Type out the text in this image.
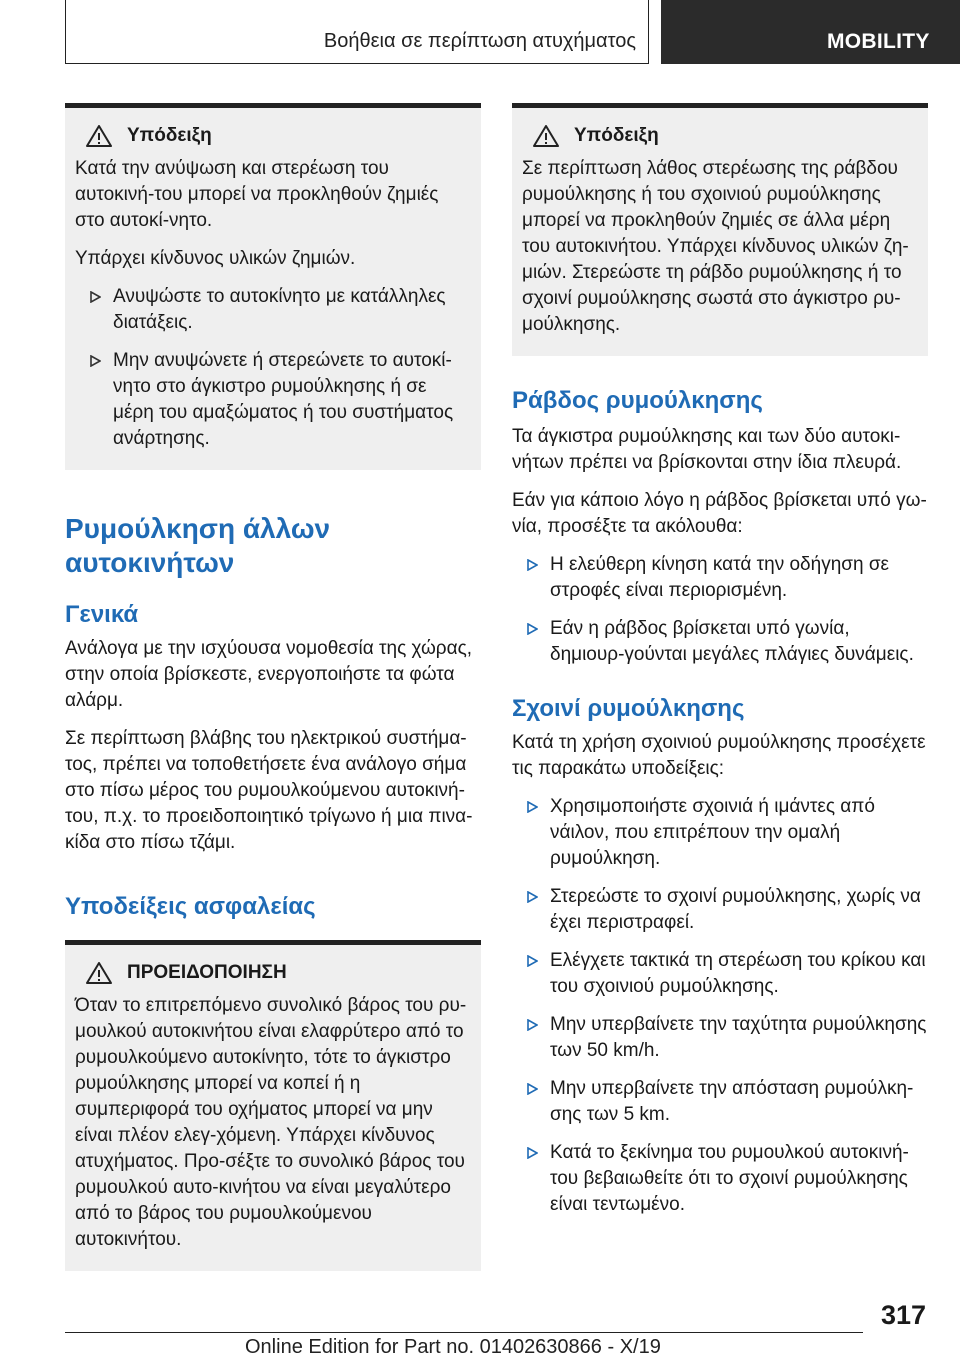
Βοήθεια σε περίπτωση ατυχήματος	MOBILITY
Υπόδειξη

Κατά την ανύψωση και στερέωση του αυτοκινή-του μπορεί να προκληθούν ζημιές στο αυτοκί-νητο.

Υπάρχει κίνδυνος υλικών ζημιών.

Ανυψώστε το αυτοκίνητο με κατάλληλες διατάξεις.
Μην ανυψώνετε ή στερεώνετε το αυτοκί-νητο στο άγκιστρο ρυμούλκησης ή σε μέρη του αμαξώματος ή του συστήματος ανάρτησης.
Ρυμούλκηση άλλων αυτοκινήτων
Γενικά

Ανάλογα με την ισχύουσα νομοθεσία της χώρας, στην οποία βρίσκεστε, ενεργοποιήστε τα φώτα αλάρμ.

Σε περίπτωση βλάβης του ηλεκτρικού συστήμα-τος, πρέπει να τοποθετήσετε ένα ανάλογο σήμα στο πίσω μέρος του ρυμουλκούμενου αυτοκινή-του, π.χ. το προειδοποιητικό τρίγωνο ή μια πινα-κίδα στο πίσω τζάμι.

Υποδείξεις ασφαλείας
ΠΡΟΕΙΔΟΠΟΙΗΣΗ

Όταν το επιτρεπόμενο συνολικό βάρος του ρυ-μουλκού αυτοκινήτου είναι ελαφρύτερο από το ρυμουλκούμενο αυτοκίνητο, τότε το άγκιστρο ρυμούλκησης μπορεί να κοπεί ή η συμπεριφορά του οχήματος μπορεί να μην είναι πλέον ελεγ-χόμενη. Υπάρχει κίνδυνος ατυχήματος. Προ-σέξτε το συνολικό βάρος του ρυμουλκού αυτο-κινήτου να είναι μεγαλύτερο από το βάρος του ρυμουλκούμενου αυτοκινήτου.

Υπόδειξη

Σε περίπτωση λάθος στερέωσης της ράβδου ρυμούλκησης ή του σχοινιού ρυμούλκησης μπορεί να προκληθούν ζημιές σε άλλα μέρη του αυτοκινήτου. Υπάρχει κίνδυνος υλικών ζη-μιών. Στερεώστε τη ράβδο ρυμούλκησης ή το σχοινί ρυμούλκησης σωστά στο άγκιστρο ρυ-μούλκησης.

Ράβδος ρυμούλκησης

Τα άγκιστρα ρυμούλκησης και των δύο αυτοκι-νήτων πρέπει να βρίσκονται στην ίδια πλευρά.

Εάν για κάποιο λόγο η ράβδος βρίσκεται υπό γω-νία, προσέξτε τα ακόλουθα:

Η ελεύθερη κίνηση κατά την οδήγηση σε στροφές είναι περιορισμένη.
Εάν η ράβδος βρίσκεται υπό γωνία, δημιουρ-γούνται μεγάλες πλάγιες δυνάμεις.
Σχοινί ρυμούλκησης

Κατά τη χρήση σχοινιού ρυμούλκησης προσέχετε τις παρακάτω υποδείξεις:

Χρησιμοποιήστε σχοινιά ή ιμάντες από νάιλον, που επιτρέπουν την ομαλή ρυμούλκηση.
Στερεώστε το σχοινί ρυμούλκησης, χωρίς να έχει περιστραφεί.
Ελέγχετε τακτικά τη στερέωση του κρίκου και του σχοινιού ρυμούλκησης.
Μην υπερβαίνετε την ταχύτητα ρυμούλκησης των 50 km/h.
Μην υπερβαίνετε την απόσταση ρυμούλκη-σης των 5 km.
Κατά το ξεκίνημα του ρυμουλκού αυτοκινή-του βεβαιωθείτε ότι το σχοινί ρυμούλκησης είναι τεντωμένο.
317
Online Edition for Part no. 01402630866 - X/19
